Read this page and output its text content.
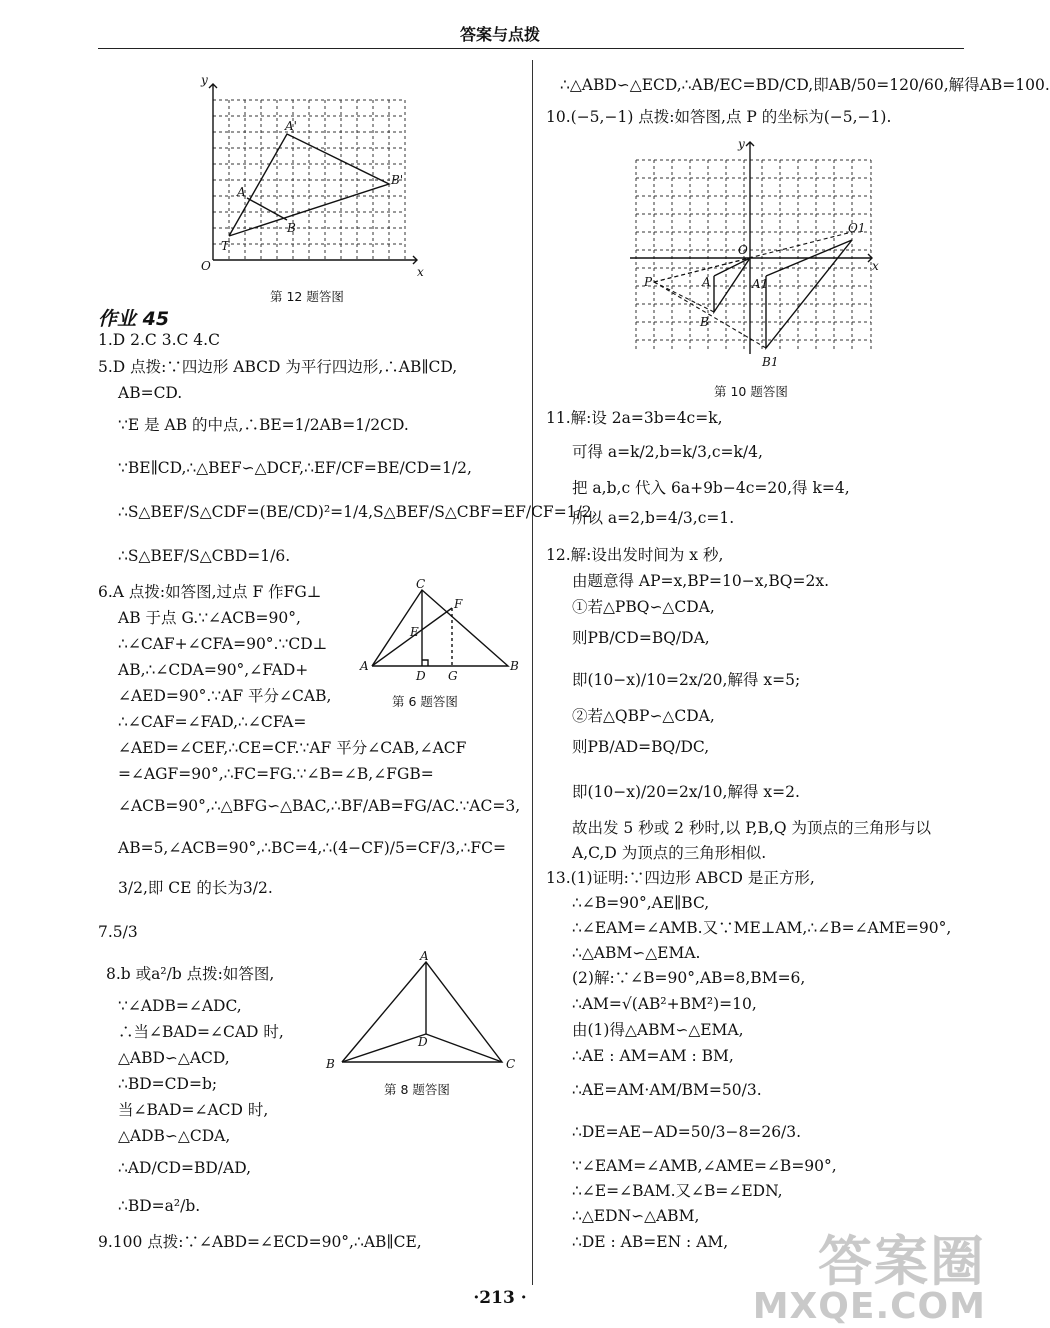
答案与点拨
y
x
O
T
A
B
A'
B'
第 12 题答图
作业 45
1.D 2.C 3.C 4.C
5.D 点拨:∵四边形 ABCD 为平行四边形,∴AB∥CD,
AB=CD.
∵E 是 AB 的中点,∴BE=1/2AB=1/2CD.
∵BE∥CD,∴△BEF∽△DCF,∴EF/CF=BE/CD=1/2,
∴S△BEF/S△CDF=(BE/CD)²=1/4,S△BEF/S△CBF=EF/CF=1/2,
∴S△BEF/S△CBD=1/6.
6.A 点拨:如答图,过点 F 作FG⊥
AB 于点 G.∵∠ACB=90°,
∴∠CAF+∠CFA=90°.∵CD⊥
AB,∴∠CDA=90°,∠FAD+
∠AED=90°.∵AF 平分∠CAB,
∴∠CAF=∠FAD,∴∠CFA=
∠AED=∠CEF,∴CE=CF.∵AF 平分∠CAB,∠ACF
=∠AGF=90°,∴FC=FG.∵∠B=∠B,∠FGB=
∠ACB=90°,∴△BFG∽△BAC,∴BF/AB=FG/AC.∵AC=3,
AB=5,∠ACB=90°,∴BC=4,∴(4−CF)/5=CF/3,∴FC=
3/2,即 CE 的长为3/2.
7.5/3
8.b 或a²/b 点拨:如答图,
∵∠ADB=∠ADC,
∴当∠BAD=∠CAD 时,
△ABD∽△ACD,
∴BD=CD=b;
当∠BAD=∠ACD 时,
△ADB∽△CDA,
∴AD/CD=BD/AD,
∴BD=a²/b.
9.100 点拨:∵∠ABD=∠ECD=90°,∴AB∥CE,
C
F
E
A
D G
B
第 6 题答图
A
D
B	C
第 8 题答图
∴△ABD∽△ECD,∴AB/EC=BD/CD,即AB/50=120/60,解得AB=100.
10.(−5,−1) 点拨:如答图,点 P 的坐标为(−5,−1).
y
x
O
O1
P	A	A1
B
B1
第 10 题答图
11.解:设 2a=3b=4c=k,
可得 a=k/2,b=k/3,c=k/4,
把 a,b,c 代入 6a+9b−4c=20,得 k=4,
所以 a=2,b=4/3,c=1.
12.解:设出发时间为 x 秒,
由题意得 AP=x,BP=10−x,BQ=2x.
①若△PBQ∽△CDA,
则PB/CD=BQ/DA,
即(10−x)/10=2x/20,解得 x=5;
②若△QBP∽△CDA,
则PB/AD=BQ/DC,
即(10−x)/20=2x/10,解得 x=2.
故出发 5 秒或 2 秒时,以 P,B,Q 为顶点的三角形与以
A,C,D 为顶点的三角形相似.
13.(1)证明:∵四边形 ABCD 是正方形,
∴∠B=90°,AE∥BC,
∴∠EAM=∠AMB.又∵ME⊥AM,∴∠B=∠AME=90°,
∴△ABM∽△EMA.
(2)解:∵∠B=90°,AB=8,BM=6,
∴AM=√(AB²+BM²)=10,
由(1)得△ABM∽△EMA,
∴AE : AM=AM : BM,
∴AE=AM·AM/BM=50/3.
∴DE=AE−AD=50/3−8=26/3.
∵∠EAM=∠AMB,∠AME=∠B=90°,
∴∠E=∠BAM.又∠B=∠EDN,
∴△EDN∽△ABM,
∴DE : AB=EN : AM,
·213 ·
答案圈
MXQE.COM
